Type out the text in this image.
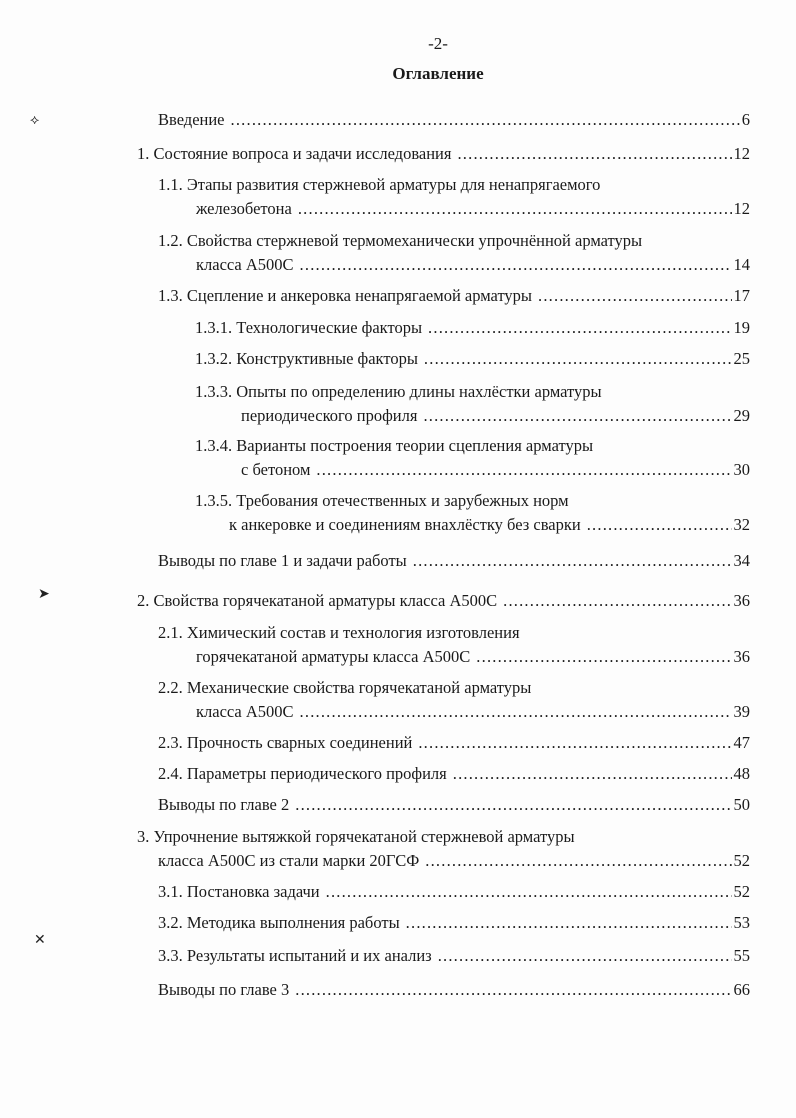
-2-
Оглавление
⟡
➤
✕
Введение .....	6
1. Состояние вопроса и задачи исследования .....	12
1.1. Этапы развития стержневой арматуры для ненапрягаемого
железобетона .....	12
1.2. Свойства стержневой термомеханически упрочнённой арматуры
класса А500С .....	14
1.3. Сцепление и анкеровка ненапрягаемой арматуры .....	17
1.3.1. Технологические факторы .....	19
1.3.2. Конструктивные факторы .....	25
1.3.3. Опыты по определению длины нахлёстки арматуры
периодического профиля .....	29
1.3.4. Варианты построения теории сцепления арматуры
с бетоном .....	30
1.3.5. Требования отечественных и зарубежных норм
к анкеровке и соединениям внахлёстку без сварки .....	32
Выводы по главе 1 и задачи работы .....	34
2. Свойства горячекатаной арматуры класса А500С .....	36
2.1. Химический состав и технология изготовления
горячекатаной арматуры класса А500С .....	36
2.2. Механические свойства горячекатаной арматуры
класса А500С .....	39
2.3. Прочность сварных соединений .....	47
2.4. Параметры периодического профиля .....	48
Выводы по главе 2 .....	50
3. Упрочнение вытяжкой горячекатаной стержневой арматуры
класса А500С из стали марки 20ГСФ .....	52
3.1. Постановка задачи .....	52
3.2. Методика выполнения работы .....	53
3.3. Результаты испытаний и их анализ .....	55
Выводы по главе 3 .....	66
